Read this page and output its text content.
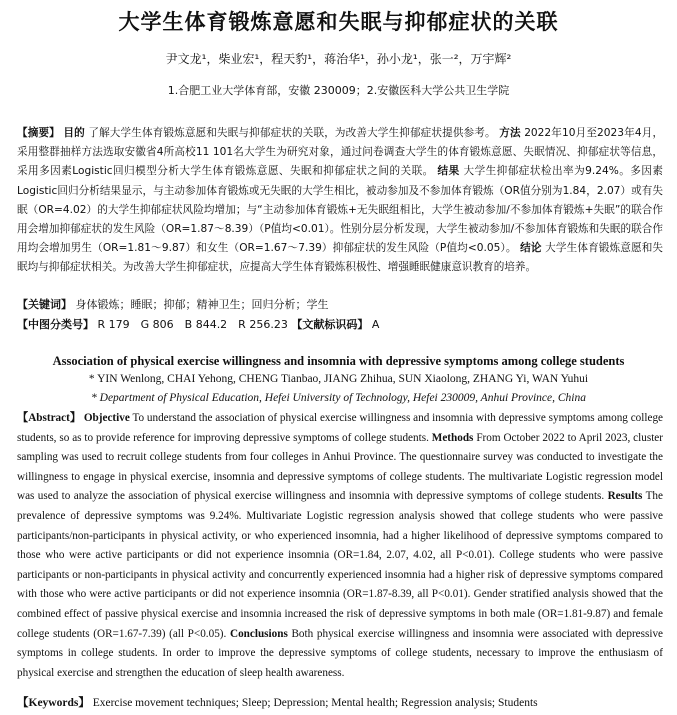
大学生体育锻炼意愿和失眠与抑郁症状的关联
尹文龙¹，柴业宏¹，程天豹¹，蒋治华¹，孙小龙¹，张一²，万宇辉²
1.合肥工业大学体育部，安徽 230009；2.安徽医科大学公共卫生学院
【摘要】 目的 了解大学生体育锻炼意愿和失眠与抑郁症状的关联，为改善大学生抑郁症状提供参考。 方法 2022年10月至2023年4月，采用整群抽样方法选取安徽省4所高校11 101名大学生为研究对象，通过问卷调查大学生的体育锻炼意愿、失眠情况、抑郁症状等信息，采用多因素Logistic回归模型分析大学生体育锻炼意愿、失眠和抑郁症状之间的关联。 结果 大学生抑郁症状检出率为9.24%。多因素Logistic回归分析结果显示，与主动参加体育锻炼或无失眠的大学生相比，被动参加及不参加体育锻炼（OR值分别为1.84，2.07）或有失眠（OR=4.02）的大学生抑郁症状风险均增加；与“主动参加体育锻炼+无失眠组相比，大学生被动参加/不参加体育锻炼+失眠”的联合作用会增加抑郁症状的发生风险（OR=1.87～8.39）（P值均<0.01）。性别分层分析发现，大学生被动参加/不参加体育锻炼和失眠的联合作用均会增加男生（OR=1.81～9.87）和女生（OR=1.67～7.39）抑郁症状的发生风险（P值均<0.05）。 结论 大学生体育锻炼意愿和失眠均与抑郁症状相关。为改善大学生抑郁症状，应提高大学生体育锻炼积极性、增强睡眠健康意识教育的培养。
【关键词】 身体锻炼；睡眠；抑郁；精神卫生；回归分析；学生
【中图分类号】 R 179　G 806　B 844.2　R 256.23 【文献标识码】 A
Association of physical exercise willingness and insomnia with depressive symptoms among college students
* YIN Wenlong, CHAI Yehong, CHENG Tianbao, JIANG Zhihua, SUN Xiaolong, ZHANG Yi, WAN Yuhui
* Department of Physical Education, Hefei University of Technology, Hefei 230009, Anhui Province, China
【Abstract】 Objective To understand the association of physical exercise willingness and insomnia with depressive symptoms among college students, so as to provide reference for improving depressive symptoms of college students. Methods From October 2022 to April 2023, cluster sampling was used to recruit college students from four colleges in Anhui Province. The questionnaire survey was conducted to investigate the willingness to engage in physical exercise, insomnia and depressive symptoms of college students. The multivariate Logistic regression model was used to analyze the association of physical exercise willingness and insomnia with depressive symptoms of college students. Results The prevalence of depressive symptoms was 9.24%. Multivariate Logistic regression analysis showed that college students who were passive participants/non-participants in physical activity, or who experienced insomnia, had a higher likelihood of depressive symptoms compared to those who were active participants or did not experience insomnia (OR=1.84, 2.07, 4.02, all P<0.01). College students who were passive participants or non-participants in physical activity and concurrently experienced insomnia had a higher risk of depressive symptoms compared with those who were active participants or did not experience insomnia (OR=1.87-8.39, all P<0.01). Gender stratified analysis showed that the combined effect of passive physical exercise and insomnia increased the risk of depressive symptoms in both male (OR=1.81-9.87) and female college students (OR=1.67-7.39) (all P<0.05). Conclusions Both physical exercise willingness and insomnia were associated with depressive symptoms in college students. In order to improve the depressive symptoms of college students, necessary to improve the enthusiasm of physical exercise and strengthen the education of sleep health awareness.
【Keywords】 Exercise movement techniques; Sleep; Depression; Mental health; Regression analysis; Students
